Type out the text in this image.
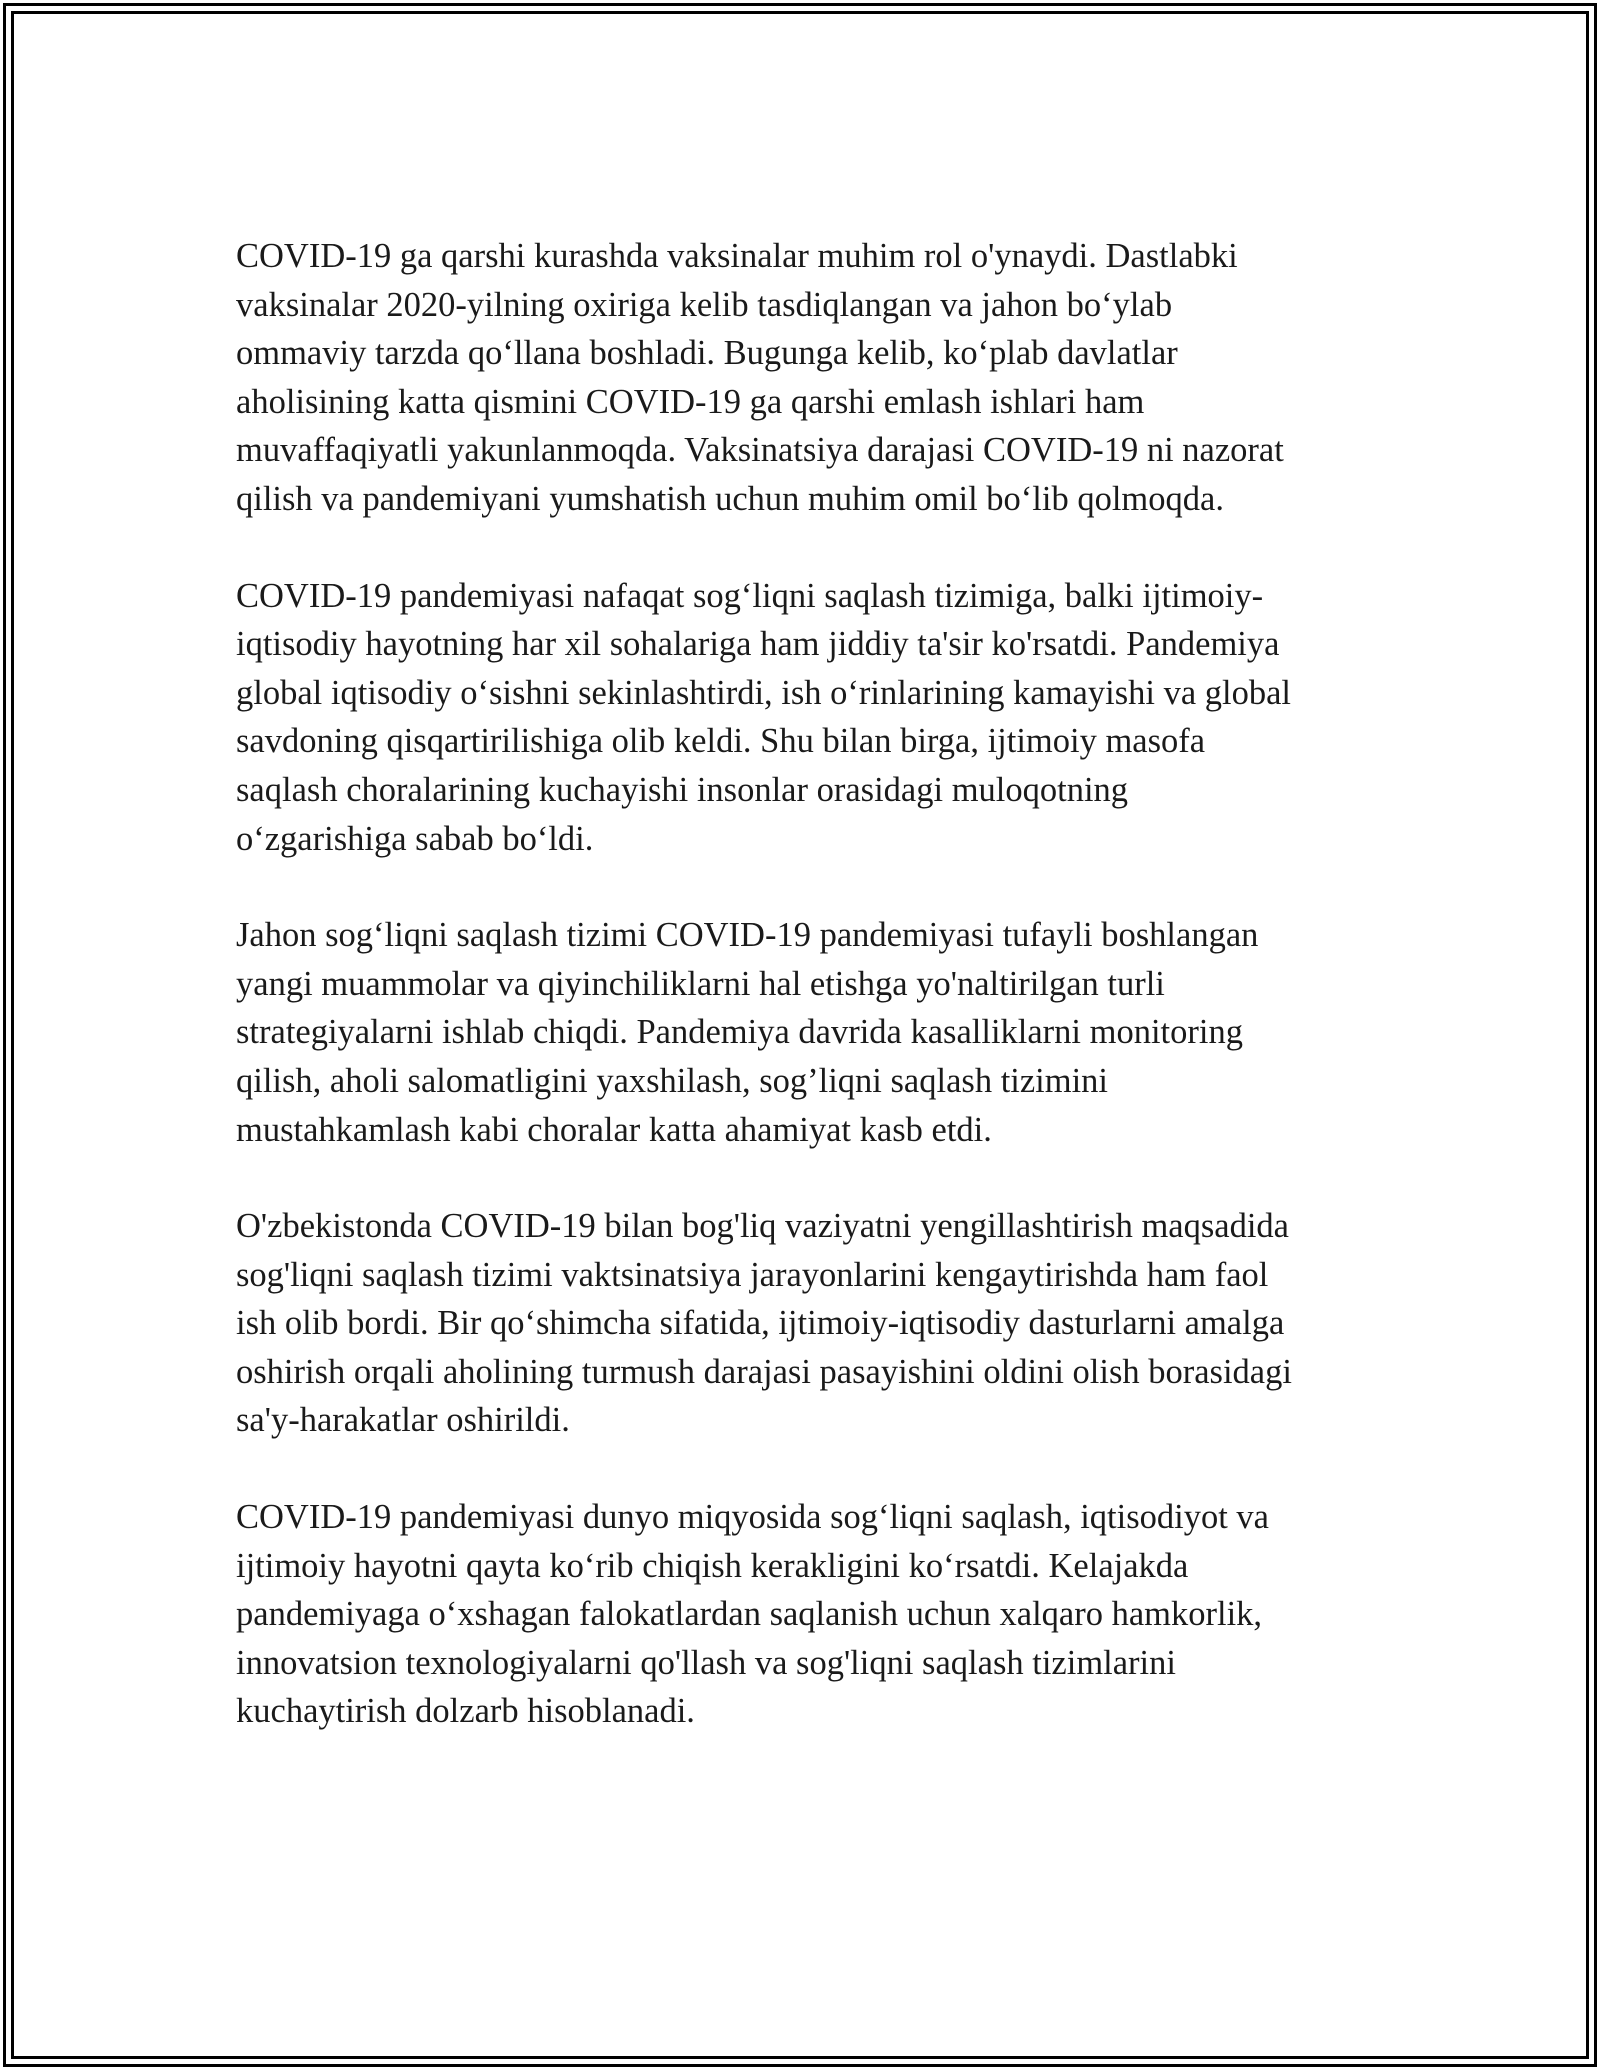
COVID-19 ga qarshi kurashda vaksinalar muhim rol o'ynaydi. Dastlabki
vaksinalar 2020-yilning oxiriga kelib tasdiqlangan va jahon bo‘ylab
ommaviy tarzda qo‘llana boshladi. Bugunga kelib, ko‘plab davlatlar
aholisining katta qismini COVID-19 ga qarshi emlash ishlari ham
muvaffaqiyatli yakunlanmoqda. Vaksinatsiya darajasi COVID-19 ni nazorat
qilish va pandemiyani yumshatish uchun muhim omil bo‘lib qolmoqda.

COVID-19 pandemiyasi nafaqat sog‘liqni saqlash tizimiga, balki ijtimoiy-
iqtisodiy hayotning har xil sohalariga ham jiddiy ta'sir ko'rsatdi. Pandemiya
global iqtisodiy o‘sishni sekinlashtirdi, ish o‘rinlarining kamayishi va global
savdoning qisqartirilishiga olib keldi. Shu bilan birga, ijtimoiy masofa
saqlash choralarining kuchayishi insonlar orasidagi muloqotning
o‘zgarishiga sabab bo‘ldi.

Jahon sog‘liqni saqlash tizimi COVID-19 pandemiyasi tufayli boshlangan
yangi muammolar va qiyinchiliklarni hal etishga yo'naltirilgan turli
strategiyalarni ishlab chiqdi. Pandemiya davrida kasalliklarni monitoring
qilish, aholi salomatligini yaxshilash, sog’liqni saqlash tizimini
mustahkamlash kabi choralar katta ahamiyat kasb etdi.

O'zbekistonda COVID-19 bilan bog'liq vaziyatni yengillashtirish maqsadida
sog'liqni saqlash tizimi vaktsinatsiya jarayonlarini kengaytirishda ham faol
ish olib bordi. Bir qo‘shimcha sifatida, ijtimoiy-iqtisodiy dasturlarni amalga
oshirish orqali aholining turmush darajasi pasayishini oldini olish borasidagi
sa'y-harakatlar oshirildi.

COVID-19 pandemiyasi dunyo miqyosida sog‘liqni saqlash, iqtisodiyot va
ijtimoiy hayotni qayta ko‘rib chiqish kerakligini ko‘rsatdi. Kelajakda
pandemiyaga o‘xshagan falokatlardan saqlanish uchun xalqaro hamkorlik,
innovatsion texnologiyalarni qo'llash va sog'liqni saqlash tizimlarini
kuchaytirish dolzarb hisoblanadi.
